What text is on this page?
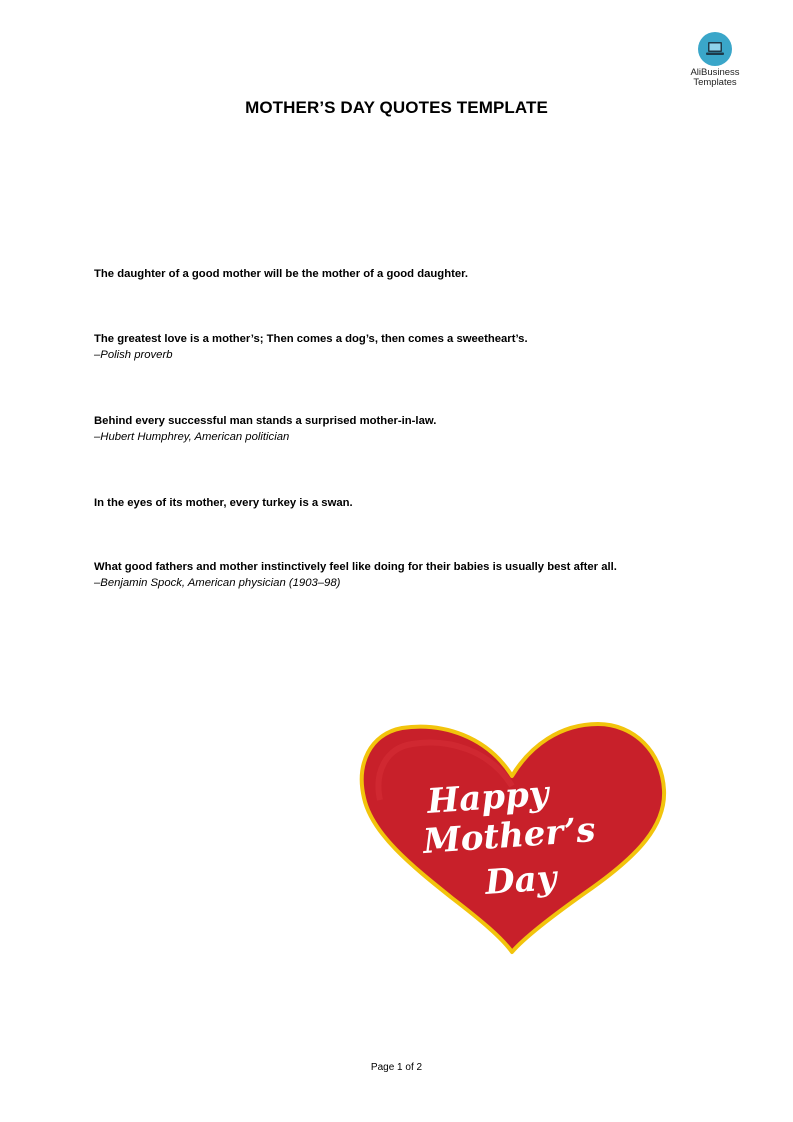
AliBusiness
Templates
MOTHER’S DAY QUOTES TEMPLATE
The daughter of a good mother will be the mother of a good daughter.
The greatest love is a mother’s; Then comes a dog’s, then comes a sweetheart’s.
–Polish proverb
Behind every successful man stands a surprised mother-in-law.
–Hubert Humphrey, American politician
In the eyes of its mother, every turkey is a swan.
What good fathers and mother instinctively feel like doing for their babies is usually best after all.
–Benjamin Spock, American physician (1903–98)
Happy
Mother’s
Day
Page 1 of 2
